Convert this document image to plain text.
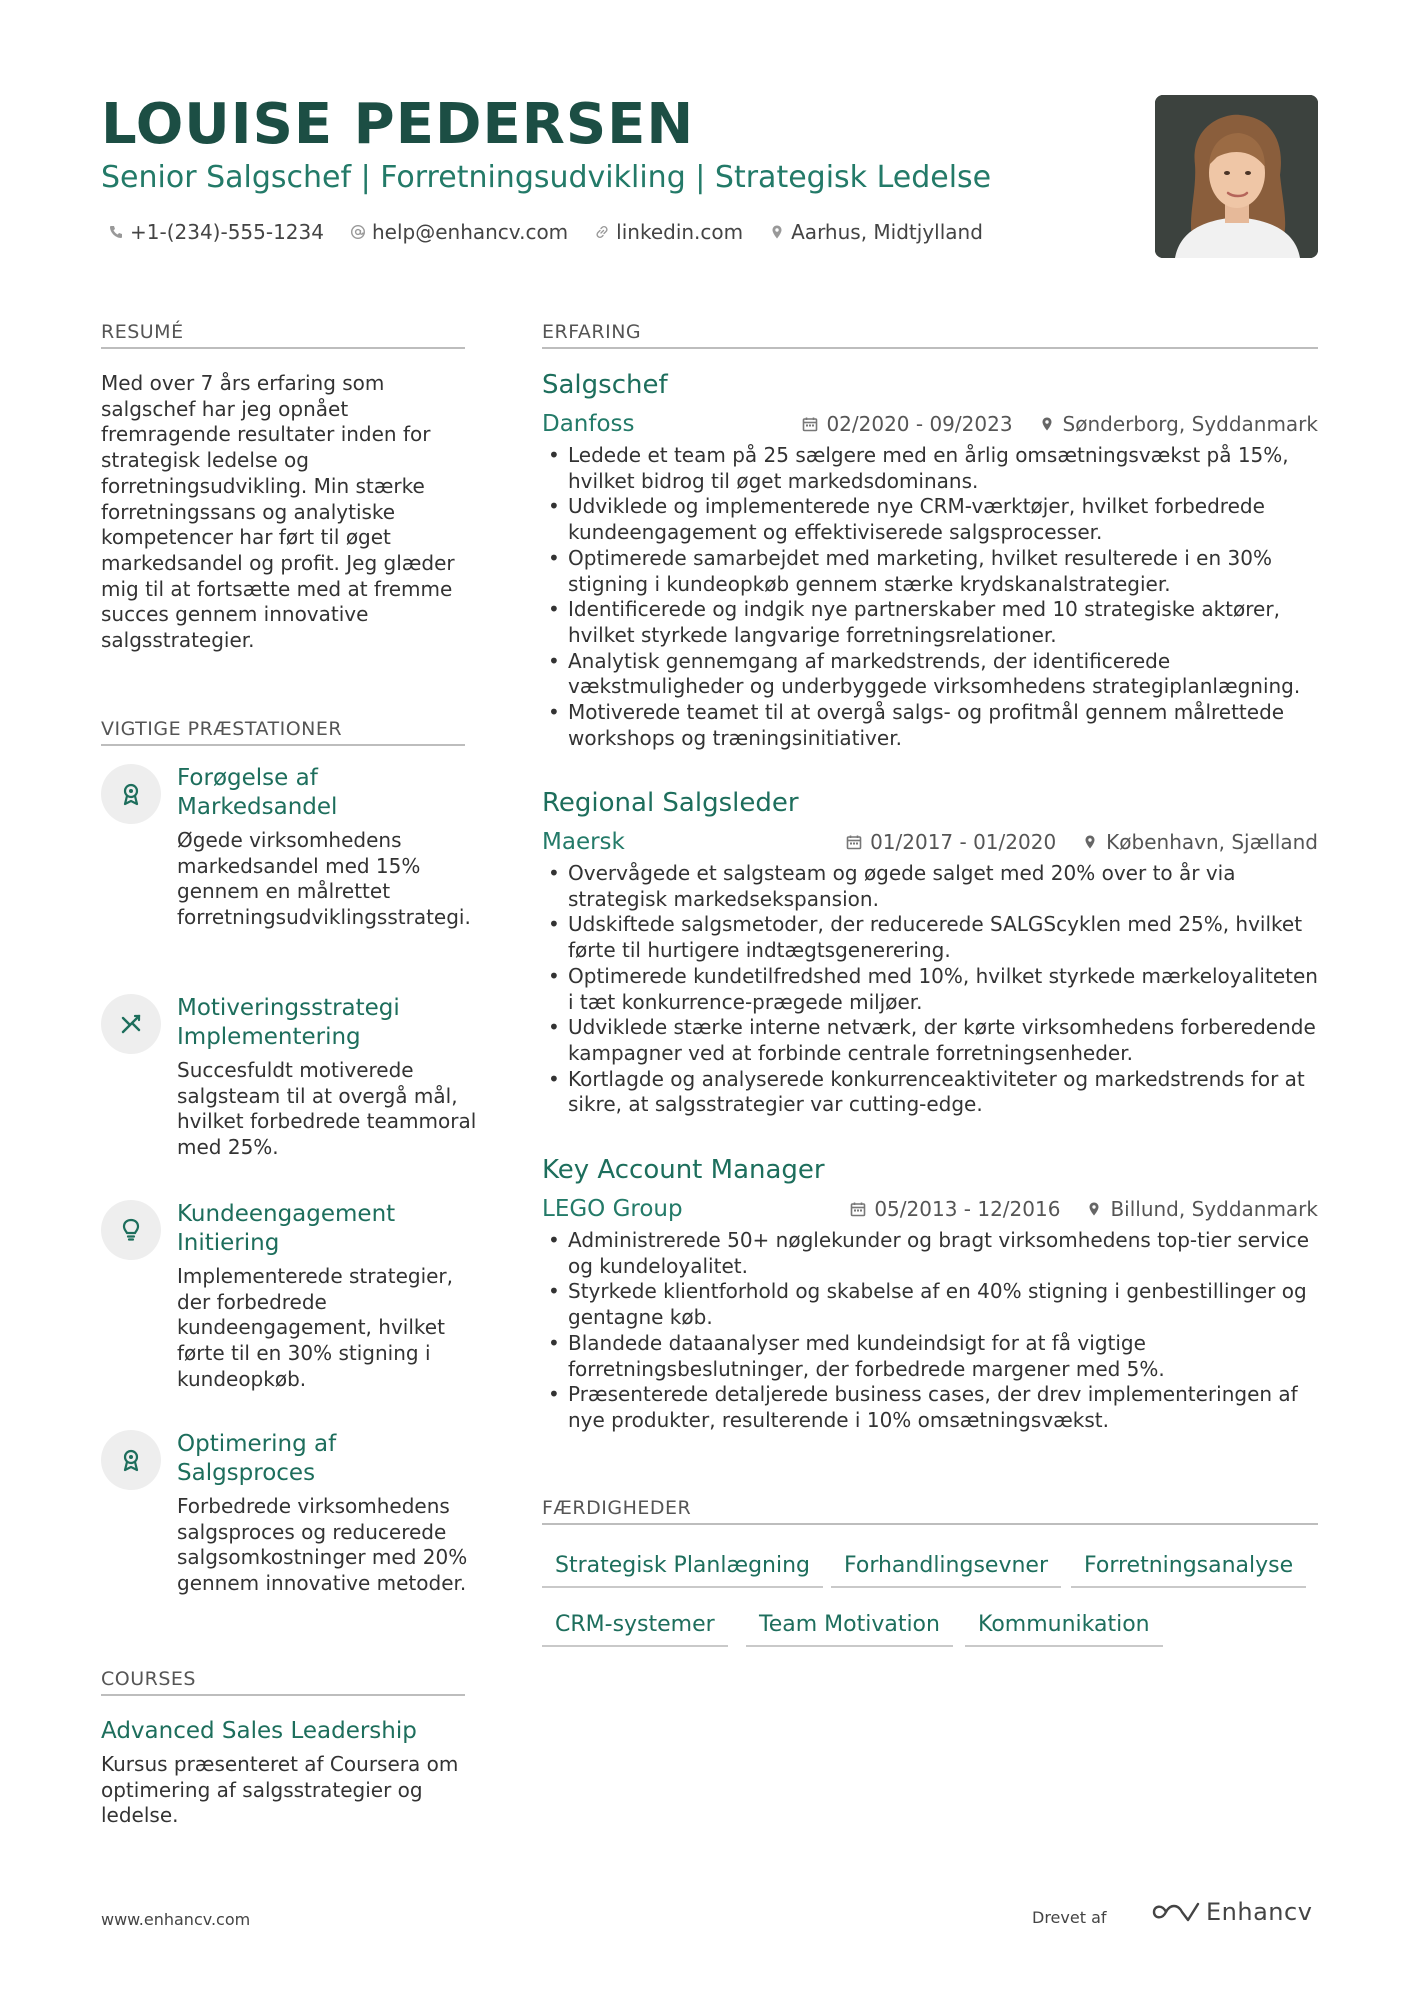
LOUISE PEDERSEN
Senior Salgschef | Forretningsudvikling | Strategisk Ledelse
+1-(234)-555-1234 help@enhancv.com linkedin.com Aarhus, Midtjylland
RESUMÉ
Med over 7 års erfaring som salgschef har jeg opnået fremragende resultater inden for strategisk ledelse og forretningsudvikling. Min stærke forretningssans og analytiske kompetencer har ført til øget markedsandel og profit. Jeg glæder mig til at fortsætte med at fremme succes gennem innovative salgsstrategier.
VIGTIGE PRÆSTATIONER
Forøgelse af Markedsandel
Øgede virksomhedens markedsandel med 15% gennem en målrettet forretningsudviklingsstrategi.
Motiveringsstrategi Implementering
Succesfuldt motiverede salgsteam til at overgå mål, hvilket forbedrede teammoral med 25%.
Kundeengagement Initiering
Implementerede strategier, der forbedrede kundeengagement, hvilket førte til en 30% stigning i kundeopkøb.
Optimering af Salgsproces
Forbedrede virksomhedens salgsproces og reducerede salgsomkostninger med 20% gennem innovative metoder.
COURSES
Advanced Sales Leadership
Kursus præsenteret af Coursera om optimering af salgsstrategier og ledelse.
ERFARING
Salgschef
Danfoss	02/2020 - 09/2023	Sønderborg, Syddanmark
• Ledede et team på 25 sælgere med en årlig omsætningsvækst på 15%, hvilket bidrog til øget markedsdominans.
• Udviklede og implementerede nye CRM-værktøjer, hvilket forbedrede kundeengagement og effektiviserede salgsprocesser.
• Optimerede samarbejdet med marketing, hvilket resulterede i en 30% stigning i kundeopkøb gennem stærke krydskanalstrategier.
• Identificerede og indgik nye partnerskaber med 10 strategiske aktører, hvilket styrkede langvarige forretningsrelationer.
• Analytisk gennemgang af markedstrends, der identificerede vækstmuligheder og underbyggede virksomhedens strategiplanlægning.
• Motiverede teamet til at overgå salgs- og profitmål gennem målrettede workshops og træningsinitiativer.
Regional Salgsleder
Maersk	01/2017 - 01/2020	København, Sjælland
• Overvågede et salgsteam og øgede salget med 20% over to år via strategisk markedsekspansion.
• Udskiftede salgsmetoder, der reducerede SALGScyklen med 25%, hvilket førte til hurtigere indtægtsgenerering.
• Optimerede kundetilfredshed med 10%, hvilket styrkede mærkeloyaliteten i tæt konkurrence-prægede miljøer.
• Udviklede stærke interne netværk, der kørte virksomhedens forberedende kampagner ved at forbinde centrale forretningsenheder.
• Kortlagde og analyserede konkurrenceaktiviteter og markedstrends for at sikre, at salgsstrategier var cutting-edge.
Key Account Manager
LEGO Group	05/2013 - 12/2016	Billund, Syddanmark
• Administrerede 50+ nøglekunder og bragt virksomhedens top-tier service og kundeloyalitet.
• Styrkede klientforhold og skabelse af en 40% stigning i genbestillinger og gentagne køb.
• Blandede dataanalyser med kundeindsigt for at få vigtige forretningsbeslutninger, der forbedrede margener med 5%.
• Præsenterede detaljerede business cases, der drev implementeringen af nye produkter, resulterende i 10% omsætningsvækst.
FÆRDIGHEDER
Strategisk Planlægning	Forhandlingsevner	Forretningsanalyse
CRM-systemer	Team Motivation	Kommunikation
www.enhancv.com	Drevet af	Enhancv
